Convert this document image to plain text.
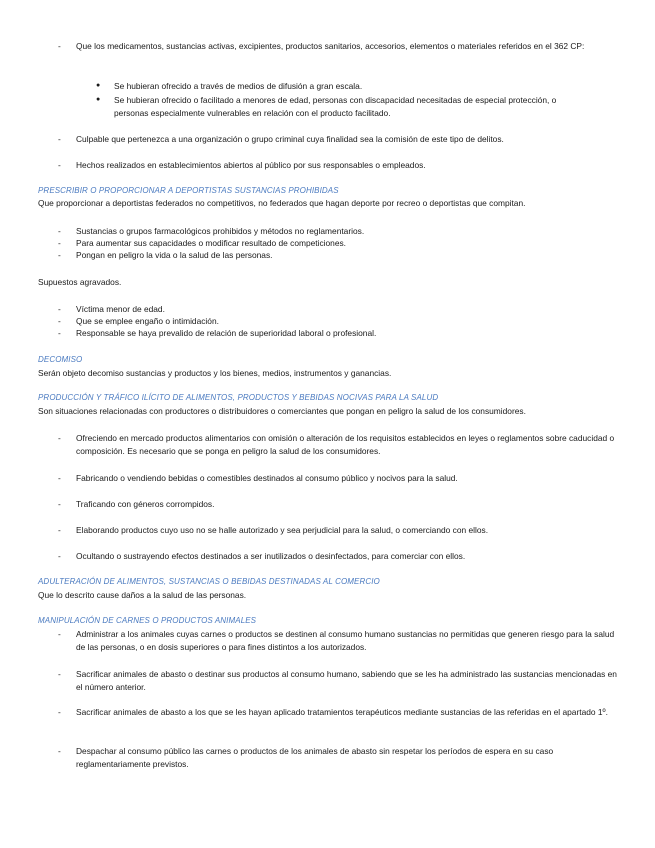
- Que los medicamentos, sustancias activas, excipientes, productos sanitarios, accesorios, elementos o materiales referidos en el 362 CP:
● Se hubieran ofrecido a través de medios de difusión a gran escala.
● Se hubieran ofrecido o facilitado a menores de edad, personas con discapacidad necesitadas de especial protección, o personas especialmente vulnerables en relación con el producto facilitado.
- Culpable que pertenezca a una organización o grupo criminal cuya finalidad sea la comisión de este tipo de delitos.
- Hechos realizados en establecimientos abiertos al público por sus responsables o empleados.
PRESCRIBIR O PROPORCIONAR A DEPORTISTAS SUSTANCIAS PROHIBIDAS
Que proporcionar a deportistas federados no competitivos, no federados que hagan deporte por recreo o deportistas que compitan.
- Sustancias o grupos farmacológicos prohibidos y métodos no reglamentarios.
- Para aumentar sus capacidades o modificar resultado de competiciones.
- Pongan en peligro la vida o la salud de las personas.
Supuestos agravados.
- Víctima menor de edad.
- Que se emplee engaño o intimidación.
- Responsable se haya prevalido de relación de superioridad laboral o profesional.
DECOMISO
Serán objeto decomiso sustancias y productos y los bienes, medios, instrumentos y ganancias.
PRODUCCIÓN Y TRÁFICO ILÍCITO DE ALIMENTOS, PRODUCTOS Y BEBIDAS NOCIVAS PARA LA SALUD
Son situaciones relacionadas con productores o distribuidores o comerciantes que pongan en peligro la salud de los consumidores.
- Ofreciendo en mercado productos alimentarios con omisión o alteración de los requisitos establecidos en leyes o reglamentos sobre caducidad o composición. Es necesario que se ponga en peligro la salud de los consumidores.
- Fabricando o vendiendo bebidas o comestibles destinados al consumo público y nocivos para la salud.
- Traficando con géneros corrompidos.
- Elaborando productos cuyo uso no se halle autorizado y sea perjudicial para la salud, o comerciando con ellos.
- Ocultando o sustrayendo efectos destinados a ser inutilizados o desinfectados, para comerciar con ellos.
ADULTERACIÓN DE ALIMENTOS, SUSTANCIAS O BEBIDAS DESTINADAS AL COMERCIO
Que lo descrito cause daños a la salud de las personas.
MANIPULACIÓN DE CARNES O PRODUCTOS ANIMALES
- Administrar a los animales cuyas carnes o productos se destinen al consumo humano sustancias no permitidas que generen riesgo para la salud de las personas, o en dosis superiores o para fines distintos a los autorizados.
- Sacrificar animales de abasto o destinar sus productos al consumo humano, sabiendo que se les ha administrado las sustancias mencionadas en el número anterior.
- Sacrificar animales de abasto a los que se les hayan aplicado tratamientos terapéuticos mediante sustancias de las referidas en el apartado 1º.
- Despachar al consumo público las carnes o productos de los animales de abasto sin respetar los períodos de espera en su caso reglamentariamente previstos.
